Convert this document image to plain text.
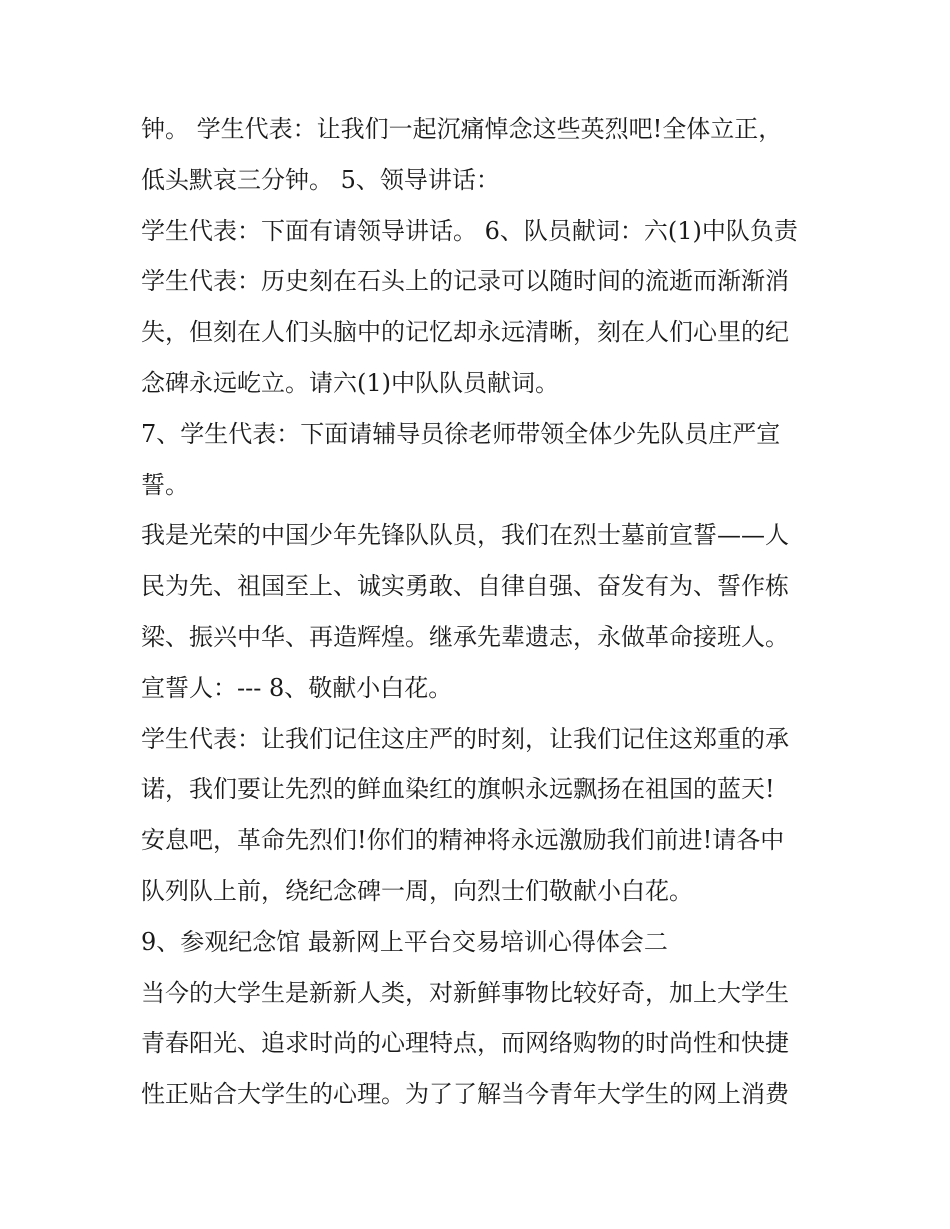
钟。 学生代表：让我们一起沉痛悼念这些英烈吧!全体立正，
低头默哀三分钟。 5、领导讲话：
学生代表：下面有请领导讲话。 6、队员献词：六(1)中队负责
学生代表：历史刻在石头上的记录可以随时间的流逝而渐渐消
失，但刻在人们头脑中的记忆却永远清晰，刻在人们心里的纪
念碑永远屹立。请六(1)中队队员献词。
7、学生代表：下面请辅导员徐老师带领全体少先队员庄严宣
誓。
我是光荣的中国少年先锋队队员，我们在烈士墓前宣誓——人
民为先、祖国至上、诚实勇敢、自律自强、奋发有为、誓作栋
梁、振兴中华、再造辉煌。继承先辈遗志，永做革命接班人。
宣誓人：--- 8、敬献小白花。
学生代表：让我们记住这庄严的时刻，让我们记住这郑重的承
诺，我们要让先烈的鲜血染红的旗帜永远飘扬在祖国的蓝天!
安息吧，革命先烈们!你们的精神将永远激励我们前进!请各中
队列队上前，绕纪念碑一周，向烈士们敬献小白花。
9、参观纪念馆 最新网上平台交易培训心得体会二
当今的大学生是新新人类，对新鲜事物比较好奇，加上大学生
青春阳光、追求时尚的心理特点，而网络购物的时尚性和快捷
性正贴合大学生的心理。为了了解当今青年大学生的网上消费
